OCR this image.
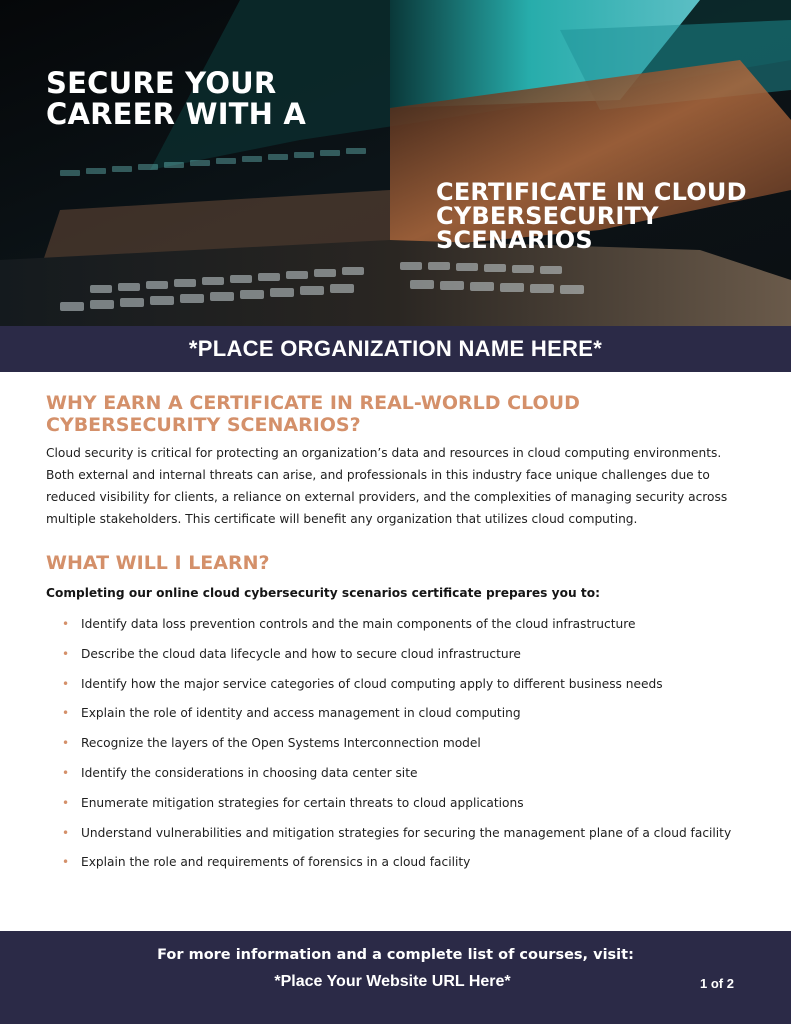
SECURE YOUR CAREER WITH A
CERTIFICATE IN CLOUD CYBERSECURITY SCENARIOS
*PLACE ORGANIZATION NAME HERE*
WHY EARN A CERTIFICATE IN REAL-WORLD CLOUD CYBERSECURITY SCENARIOS?

Cloud security is critical for protecting an organization’s data and resources in cloud computing environments. Both external and internal threats can arise, and professionals in this industry face unique challenges due to reduced visibility for clients, a reliance on external providers, and the complexities of managing security across multiple stakeholders. This certificate will benefit any organization that utilizes cloud computing.

WHAT WILL I LEARN?

Completing our online cloud cybersecurity scenarios certificate prepares you to:

• Identify data loss prevention controls and the main components of the cloud infrastructure
• Describe the cloud data lifecycle and how to secure cloud infrastructure
• Identify how the major service categories of cloud computing apply to different business needs
• Explain the role of identity and access management in cloud computing
• Recognize the layers of the Open Systems Interconnection model
• Identify the considerations in choosing data center site
• Enumerate mitigation strategies for certain threats to cloud applications
• Understand vulnerabilities and mitigation strategies for securing the management plane of a cloud facility
• Explain the role and requirements of forensics in a cloud facility
For more information and a complete list of courses, visit:
*Place Your Website URL Here*	1 of 2
